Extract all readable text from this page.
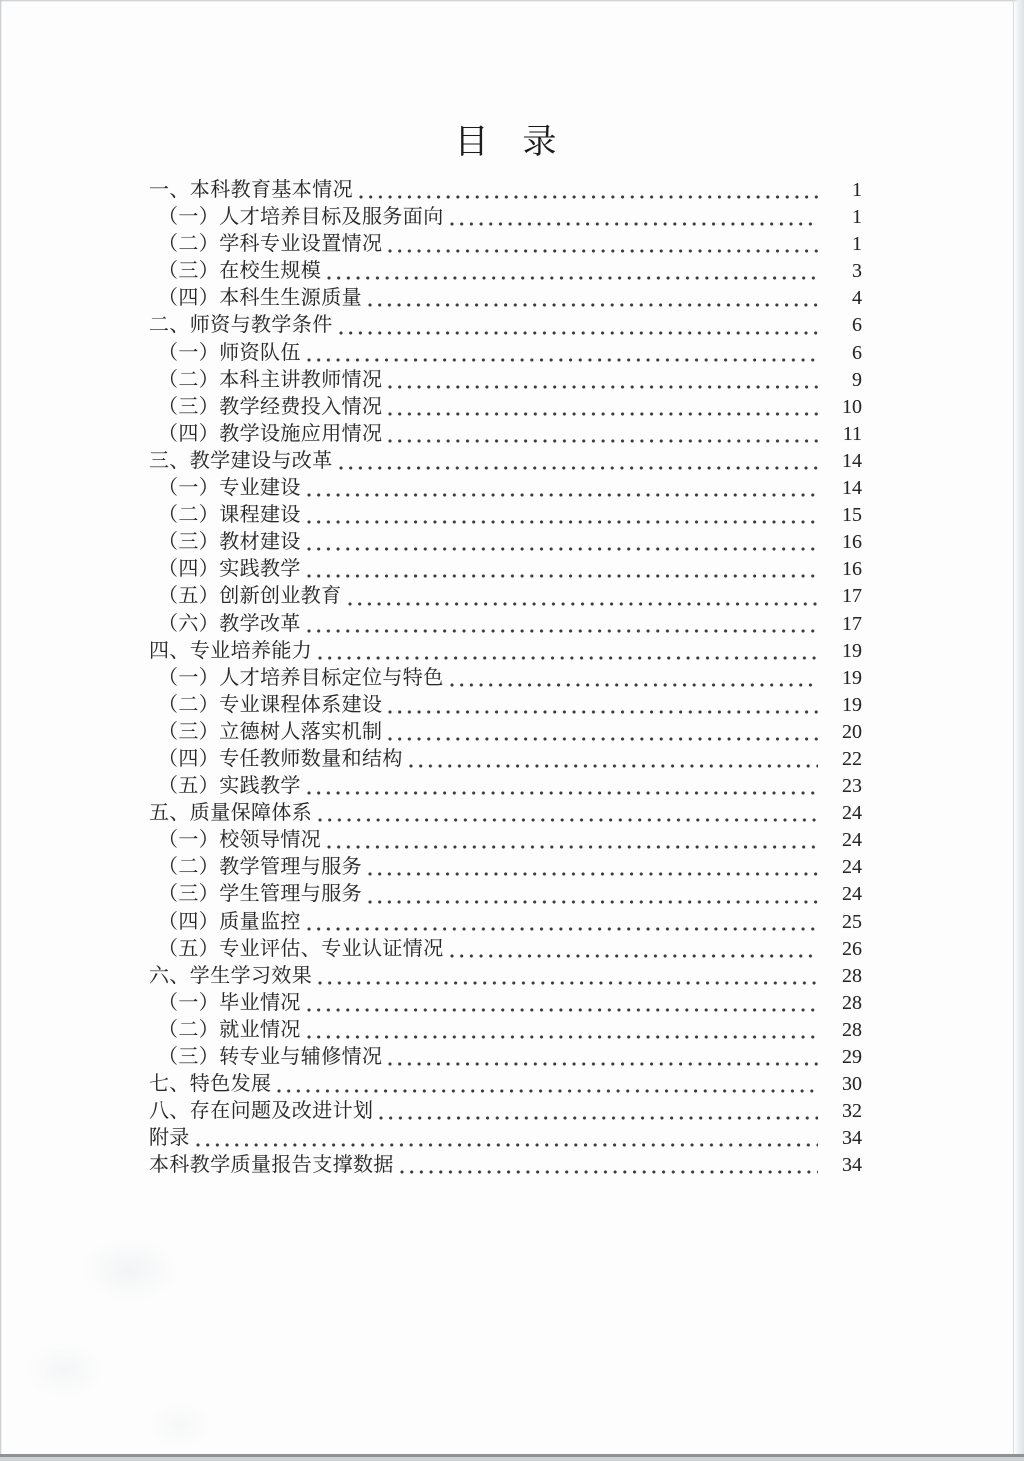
目　录
一、本科教育基本情况	1
（一）人才培养目标及服务面向	1
（二）学科专业设置情况	1
（三）在校生规模	3
（四）本科生生源质量	4
二、师资与教学条件	6
（一）师资队伍	6
（二）本科主讲教师情况	9
（三）教学经费投入情况	10
（四）教学设施应用情况	11
三、教学建设与改革	14
（一）专业建设	14
（二）课程建设	15
（三）教材建设	16
（四）实践教学	16
（五）创新创业教育	17
（六）教学改革	17
四、专业培养能力	19
（一）人才培养目标定位与特色	19
（二）专业课程体系建设	19
（三）立德树人落实机制	20
（四）专任教师数量和结构	22
（五）实践教学	23
五、质量保障体系	24
（一）校领导情况	24
（二）教学管理与服务	24
（三）学生管理与服务	24
（四）质量监控	25
（五）专业评估、专业认证情况	26
六、学生学习效果	28
（一）毕业情况	28
（二）就业情况	28
（三）转专业与辅修情况	29
七、特色发展	30
八、存在问题及改进计划	32
附录	34
本科教学质量报告支撑数据	34
